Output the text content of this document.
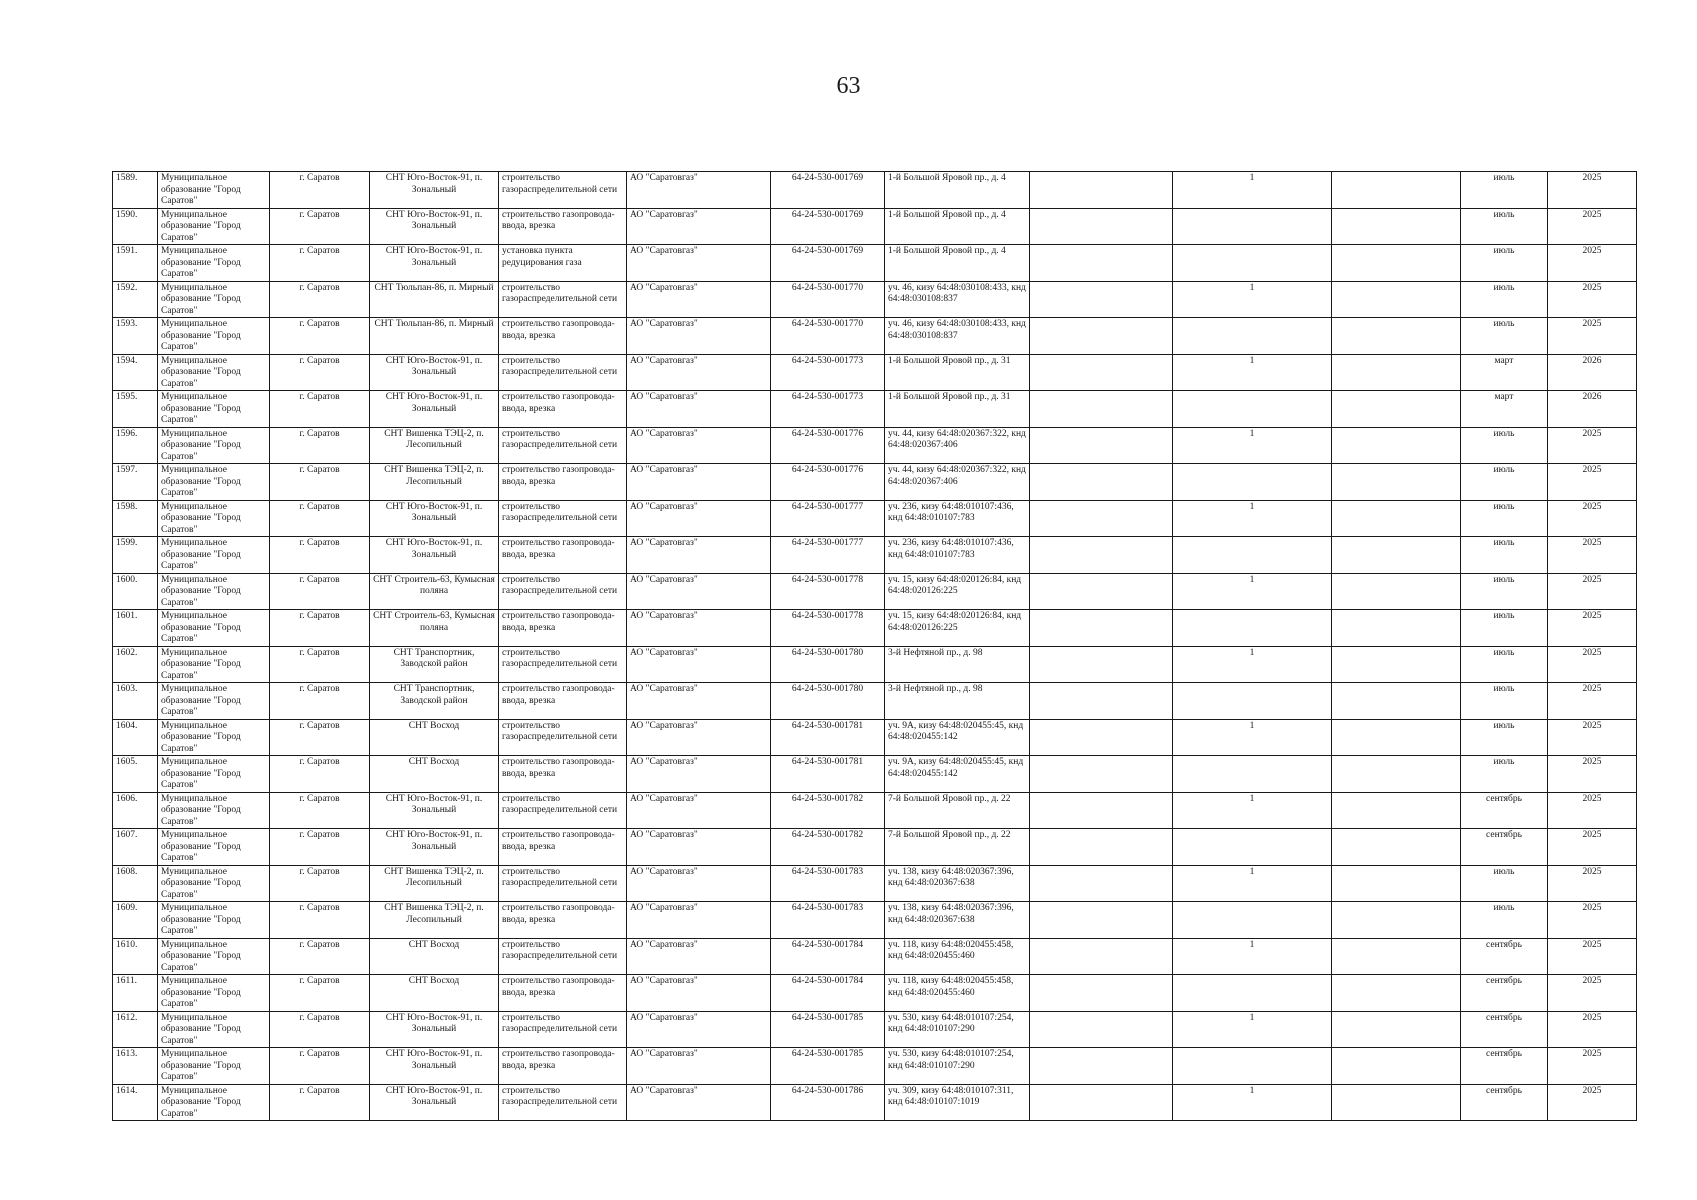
63
1589.	Муниципальное образование "Город Саратов"	г. Саратов	СНТ Юго-Восток-91, п. Зональный	строительство газораспределительной сети	АО "Саратовгаз"	64-24-530-001769	1-й Большой Яровой пр., д. 4		1		июль	2025
1590.	Муниципальное образование "Город Саратов"	г. Саратов	СНТ Юго-Восток-91, п. Зональный	строительство газопровода-ввода, врезка	АО "Саратовгаз"	64-24-530-001769	1-й Большой Яровой пр., д. 4				июль	2025
1591.	Муниципальное образование "Город Саратов"	г. Саратов	СНТ Юго-Восток-91, п. Зональный	установка пункта редуцирования газа	АО "Саратовгаз"	64-24-530-001769	1-й Большой Яровой пр., д. 4				июль	2025
1592.	Муниципальное образование "Город Саратов"	г. Саратов	СНТ Тюльпан-86, п. Мирный	строительство газораспределительной сети	АО "Саратовгаз"	64-24-530-001770	уч. 46, кизу 64:48:030108:433, кнд 64:48:030108:837		1		июль	2025
1593.	Муниципальное образование "Город Саратов"	г. Саратов	СНТ Тюльпан-86, п. Мирный	строительство газопровода-ввода, врезка	АО "Саратовгаз"	64-24-530-001770	уч. 46, кизу 64:48:030108:433, кнд 64:48:030108:837				июль	2025
1594.	Муниципальное образование "Город Саратов"	г. Саратов	СНТ Юго-Восток-91, п. Зональный	строительство газораспределительной сети	АО "Саратовгаз"	64-24-530-001773	1-й Большой Яровой пр., д. 31		1		март	2026
1595.	Муниципальное образование "Город Саратов"	г. Саратов	СНТ Юго-Восток-91, п. Зональный	строительство газопровода-ввода, врезка	АО "Саратовгаз"	64-24-530-001773	1-й Большой Яровой пр., д. 31				март	2026
1596.	Муниципальное образование "Город Саратов"	г. Саратов	СНТ Вишенка ТЭЦ-2, п. Лесопильный	строительство газораспределительной сети	АО "Саратовгаз"	64-24-530-001776	уч. 44, кизу 64:48:020367:322, кнд 64:48:020367:406		1		июль	2025
1597.	Муниципальное образование "Город Саратов"	г. Саратов	СНТ Вишенка ТЭЦ-2, п. Лесопильный	строительство газопровода-ввода, врезка	АО "Саратовгаз"	64-24-530-001776	уч. 44, кизу 64:48:020367:322, кнд 64:48:020367:406				июль	2025
1598.	Муниципальное образование "Город Саратов"	г. Саратов	СНТ Юго-Восток-91, п. Зональный	строительство газораспределительной сети	АО "Саратовгаз"	64-24-530-001777	уч. 236, кизу 64:48:010107:436, кнд 64:48:010107:783		1		июль	2025
1599.	Муниципальное образование "Город Саратов"	г. Саратов	СНТ Юго-Восток-91, п. Зональный	строительство газопровода-ввода, врезка	АО "Саратовгаз"	64-24-530-001777	уч. 236, кизу 64:48:010107:436, кнд 64:48:010107:783				июль	2025
1600.	Муниципальное образование "Город Саратов"	г. Саратов	СНТ Строитель-63, Кумысная поляна	строительство газораспределительной сети	АО "Саратовгаз"	64-24-530-001778	уч. 15, кизу 64:48:020126:84, кнд 64:48:020126:225		1		июль	2025
1601.	Муниципальное образование "Город Саратов"	г. Саратов	СНТ Строитель-63, Кумысная поляна	строительство газопровода-ввода, врезка	АО "Саратовгаз"	64-24-530-001778	уч. 15, кизу 64:48:020126:84, кнд 64:48:020126:225				июль	2025
1602.	Муниципальное образование "Город Саратов"	г. Саратов	СНТ Транспортник, Заводской район	строительство газораспределительной сети	АО "Саратовгаз"	64-24-530-001780	3-й Нефтяной пр., д. 98		1		июль	2025
1603.	Муниципальное образование "Город Саратов"	г. Саратов	СНТ Транспортник, Заводской район	строительство газопровода-ввода, врезка	АО "Саратовгаз"	64-24-530-001780	3-й Нефтяной пр., д. 98				июль	2025
1604.	Муниципальное образование "Город Саратов"	г. Саратов	СНТ Восход	строительство газораспределительной сети	АО "Саратовгаз"	64-24-530-001781	уч. 9А, кизу 64:48:020455:45, кнд 64:48:020455:142		1		июль	2025
1605.	Муниципальное образование "Город Саратов"	г. Саратов	СНТ Восход	строительство газопровода-ввода, врезка	АО "Саратовгаз"	64-24-530-001781	уч. 9А, кизу 64:48:020455:45, кнд 64:48:020455:142				июль	2025
1606.	Муниципальное образование "Город Саратов"	г. Саратов	СНТ Юго-Восток-91, п. Зональный	строительство газораспределительной сети	АО "Саратовгаз"	64-24-530-001782	7-й Большой Яровой пр., д. 22		1		сентябрь	2025
1607.	Муниципальное образование "Город Саратов"	г. Саратов	СНТ Юго-Восток-91, п. Зональный	строительство газопровода-ввода, врезка	АО "Саратовгаз"	64-24-530-001782	7-й Большой Яровой пр., д. 22				сентябрь	2025
1608.	Муниципальное образование "Город Саратов"	г. Саратов	СНТ Вишенка ТЭЦ-2, п. Лесопильный	строительство газораспределительной сети	АО "Саратовгаз"	64-24-530-001783	уч. 138, кизу 64:48:020367:396, кнд 64:48:020367:638		1		июль	2025
1609.	Муниципальное образование "Город Саратов"	г. Саратов	СНТ Вишенка ТЭЦ-2, п. Лесопильный	строительство газопровода-ввода, врезка	АО "Саратовгаз"	64-24-530-001783	уч. 138, кизу 64:48:020367:396, кнд 64:48:020367:638				июль	2025
1610.	Муниципальное образование "Город Саратов"	г. Саратов	СНТ Восход	строительство газораспределительной сети	АО "Саратовгаз"	64-24-530-001784	уч. 118, кизу 64:48:020455:458, кнд 64:48:020455:460		1		сентябрь	2025
1611.	Муниципальное образование "Город Саратов"	г. Саратов	СНТ Восход	строительство газопровода-ввода, врезка	АО "Саратовгаз"	64-24-530-001784	уч. 118, кизу 64:48:020455:458, кнд 64:48:020455:460				сентябрь	2025
1612.	Муниципальное образование "Город Саратов"	г. Саратов	СНТ Юго-Восток-91, п. Зональный	строительство газораспределительной сети	АО "Саратовгаз"	64-24-530-001785	уч. 530, кизу 64:48:010107:254, кнд 64:48:010107:290		1		сентябрь	2025
1613.	Муниципальное образование "Город Саратов"	г. Саратов	СНТ Юго-Восток-91, п. Зональный	строительство газопровода-ввода, врезка	АО "Саратовгаз"	64-24-530-001785	уч. 530, кизу 64:48:010107:254, кнд 64:48:010107:290				сентябрь	2025
1614.	Муниципальное образование "Город Саратов"	г. Саратов	СНТ Юго-Восток-91, п. Зональный	строительство газораспределительной сети	АО "Саратовгаз"	64-24-530-001786	уч. 309, кизу 64:48:010107:311, кнд 64:48:010107:1019		1		сентябрь	2025
